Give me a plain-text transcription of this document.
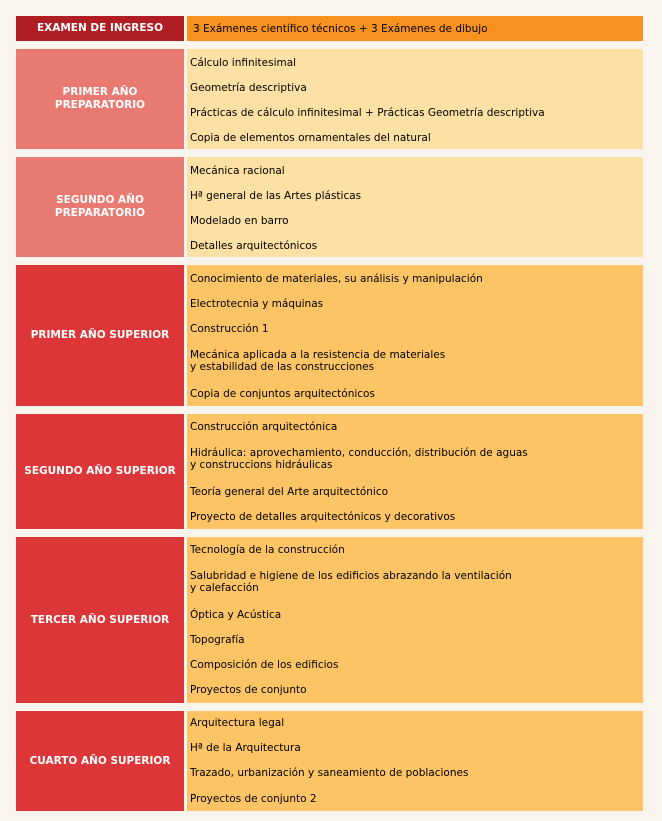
EXAMEN DE INGRESO	3 Exámenes científico técnicos + 3 Exámenes de dibujo
PRIMER AÑO
PREPARATORIO
Cálculo infinitesimal
Geometría descriptiva
Prácticas de cálculo infinitesimal + Prácticas Geometría descriptiva
Copia de elementos ornamentales del natural
SEGUNDO AÑO
PREPARATORIO
Mecánica racional
Hª general de las Artes plásticas
Modelado en barro
Detalles arquitectónicos
PRIMER AÑO SUPERIOR
Conocimiento de materiales, su análisis y manipulación
Electrotecnia y máquinas
Construcción 1
Mecánica aplicada a la resistencia de materiales
y estabilidad de las construcciones
Copia de conjuntos arquitectónicos
SEGUNDO AÑO SUPERIOR
Construcción arquitectónica
Hidráulica: aprovechamiento, conducción, distribución de aguas
y construccions hidráulicas
Teoría general del Arte arquitectónico
Proyecto de detalles arquitectónicos y decorativos
TERCER AÑO SUPERIOR
Tecnología de la construcción
Salubridad e higiene de los edificios abrazando la ventilación
y calefacción
Óptica y Acústica
Topografía
Composición de los edificios
Proyectos de conjunto
CUARTO AÑO SUPERIOR
Arquitectura legal
Hª de la Arquitectura
Trazado, urbanización y saneamiento de poblaciones
Proyectos de conjunto 2
